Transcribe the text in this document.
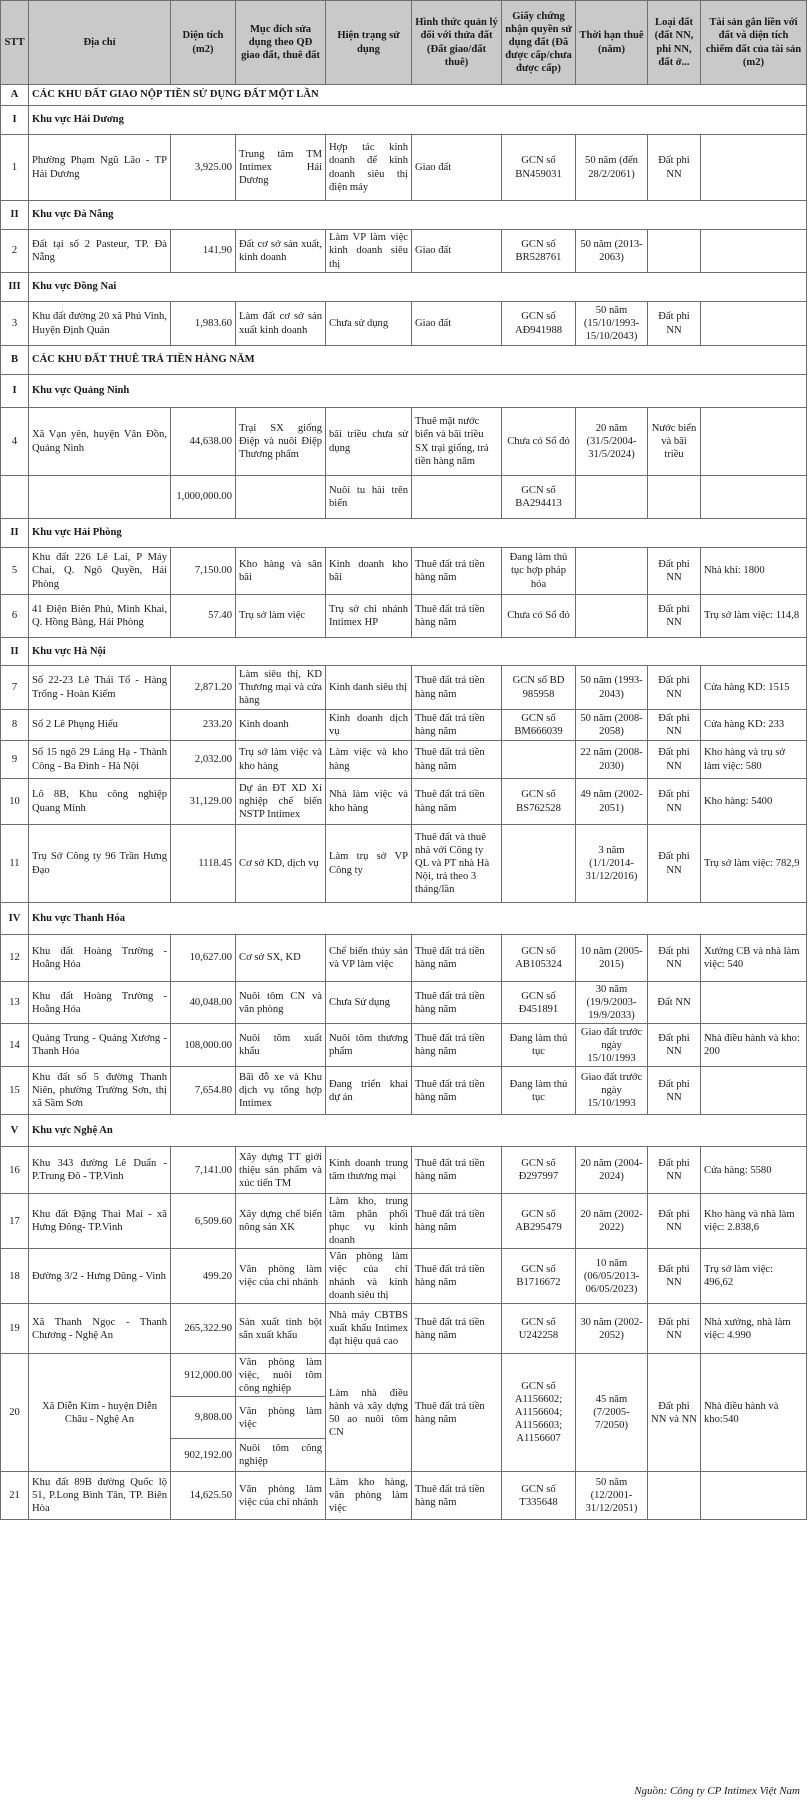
STT	Địa chỉ	Diện tích (m2)	Mục đích sửa dụng theo QĐ giao đất, thuê đất	Hiện trạng sử dụng	Hình thức quản lý đối với thửa đất (Đất giao/đất thuê)	Giấy chứng nhận quyền sử dụng đất (Đã được cấp/chưa được cấp)	Thời hạn thuê (năm)	Loại đất (đất NN, phi NN, đất ở...	Tài sản gắn liền với đất và diện tích chiếm đất của tài sản (m2)
A	CÁC KHU ĐẤT GIAO NỘP TIỀN SỬ DỤNG ĐẤT MỘT LẦN								
I	Khu vực Hải Dương								
1	Phường Phạm Ngũ Lão - TP Hải Dương	3,925.00	Trung tâm TM Intimex Hải Dương	Hợp tác kinh doanh để kinh doanh siêu thị điện máy	Giao đất	GCN số BN459031	50 năm (đến 28/2/2061)	Đất phi NN	
II	Khu vực Đà Nẵng								
2	Đất tại số 2 Pasteur, TP. Đà Nẵng	141.90	Đất cơ sở sản xuất, kinh doanh	Làm VP làm việc kinh doanh siêu thị	Giao đất	GCN số BR528761	50 năm (2013-2063)		
III	Khu vực Đồng Nai								
3	Khu đất đường 20 xã Phú Vinh, Huyện Định Quán	1,983.60	Làm đất cơ sở sản xuất kinh doanh	Chưa sử dụng	Giao đất	GCN số AĐ941988	50 năm (15/10/1993-15/10/2043)	Đất phi NN	
B	CÁC KHU ĐẤT THUÊ TRẢ TIỀN HÀNG NĂM								
I	Khu vực Quảng Ninh								
4	Xã Vạn yên, huyện Vân Đồn, Quảng Ninh	44,638.00	Trại SX giống Điệp và nuôi Điệp Thương phẩm	bãi triều chưa sử dụng	Thuê mặt nước biển và bãi triều SX trại giống, trả tiền hàng năm	Chưa có Sổ đỏ	20 năm (31/5/2004-31/5/2024)	Nước biển và bãi triều	
		1,000,000.00		Nuôi tu hài trên biển		GCN số BA294413			
II	Khu vực Hải Phòng								
5	Khu đất 226 Lê Lai, P Máy Chai, Q. Ngô Quyền, Hải Phòng	7,150.00	Kho hàng và sân bãi	Kinh doanh kho bãi	Thuê đất trả tiền hàng năm	Đang làm thủ tục hợp pháp hóa		Đất phi NN	Nhà khi: 1800
6	41 Điện Biên Phủ, Minh Khai, Q. Hồng Bàng, Hải Phòng	57.40	Trụ sở làm việc	Trụ sở chi nhánh Intimex HP	Thuê đất trả tiền hàng năm	Chưa có Sổ đỏ		Đất phi NN	Trụ sở làm việc: 114,8
II	Khu vực Hà Nội								
7	Số 22-23 Lê Thái Tổ - Hàng Trống - Hoàn Kiếm	2,871.20	Làm siêu thị, KD Thương mại và cửa hàng	Kinh danh siêu thị	Thuê đất trả tiền hàng năm	GCN số BD 985958	50 năm (1993-2043)	Đất phi NN	Cửa hàng KD: 1515
8	Số 2 Lê Phụng Hiểu	233.20	Kinh doanh	Kinh doanh dịch vụ	Thuê đất trả tiền hàng năm	GCN số BM666039	50 năm (2008-2058)	Đất phi NN	Cửa hàng KD: 233
9	Số 15 ngõ 29 Láng Hạ - Thành Công - Ba Đình - Hà Nội	2,032.00	Trụ sở làm việc và kho hàng	Làm việc và kho hàng	Thuê đất trả tiền hàng năm		22 năm (2008-2030)	Đất phi NN	Kho hàng và trụ sở làm việc: 580
10	Lô 8B, Khu công nghiệp Quang Minh	31,129.00	Dự án ĐT XD Xí nghiệp chế biến NSTP Intimex	Nhà làm việc và kho hàng	Thuê đất trả tiền hàng năm	GCN số BS762528	49 năm (2002-2051)	Đất phi NN	Kho hàng: 5400
11	Trụ Sở Công ty 96 Trần Hưng Đạo	1118.45	Cơ sở KD, dịch vụ	Làm trụ sở VP Công ty	Thuê đất và thuê nhà với Công ty QL và PT nhà Hà Nội, trả theo 3 tháng/lần		3 năm (1/1/2014-31/12/2016)	Đất phi NN	Trụ sở làm việc: 782,9
IV	Khu vực Thanh Hóa								
12	Khu đất Hoàng Trường - Hoằng Hóa	10,627.00	Cơ sở SX, KD	Chế biến thủy sản và VP làm việc	Thuê đất trả tiền hàng năm	GCN số AB105324	10 năm (2005-2015)	Đất phi NN	Xưởng CB và nhà làm việc: 540
13	Khu đất Hoàng Trường - Hoằng Hóa	40,048.00	Nuôi tôm CN và văn phòng	Chưa Sử dụng	Thuê đất trả tiền hàng năm	GCN số Đ451891	30 năm (19/9/2003-19/9/2033)	Đất NN	
14	Quảng Trung - Quảng Xương - Thanh Hóa	108,000.00	Nuôi tôm xuất khẩu	Nuôi tôm thương phẩm	Thuê đất trả tiền hàng năm	Đang làm thủ tục	Giao đất trước ngày 15/10/1993	Đất phi NN	Nhà điều hành và kho: 200
15	Khu đất số 5 đường Thanh Niên, phường Trường Sơn, thị xã Sầm Sơn	7,654.80	Bãi đỗ xe và Khu dịch vụ tổng hợp Intimex	Đang triển khai dự án	Thuê đất trả tiền hàng năm	Đang làm thủ tục	Giao đất trước ngày 15/10/1993	Đất phi NN	
V	Khu vực Nghệ An								
16	Khu 343 đường Lê Duẩn - P.Trung Đô - TP.Vinh	7,141.00	Xây dựng TT giới thiệu sản phẩm và xúc tiến TM	Kinh doanh trung tâm thương mại	Thuê đất trả tiền hàng năm	GCN số Đ297997	20 năm (2004-2024)	Đất phi NN	Cửa hàng: 5580
17	Khu đất Đặng Thai Mai - xã Hưng Đông- TP.Vinh	6,509.60	Xây dựng chế biến nông sản XK	Làm kho, trung tâm phân phối phục vụ kinh doanh	Thuê đất trả tiền hàng năm	GCN số AB295479	20 năm (2002-2022)	Đất phi NN	Kho hàng và nhà làm việc: 2.838,6
18	Đường 3/2 - Hưng Dũng - Vinh	499.20	Văn phòng làm việc của chi nhánh	Văn phòng làm việc của chi nhánh và kinh doanh siêu thị	Thuê đất trả tiền hàng năm	GCN số B1716672	10 năm (06/05/2013-06/05/2023)	Đất phi NN	Trụ sở làm việc: 496,62
19	Xã Thanh Ngọc - Thanh Chương - Nghệ An	265,322.90	Sản xuất tinh bột sắn xuất khẩu	Nhà máy CBTBS xuất khẩu Intimex đạt hiệu quả cao	Thuê đất trả tiền hàng năm	GCN số U242258	30 năm (2002-2052)	Đất phi NN	Nhà xưởng, nhà làm việc: 4.990
20	Xã Diễn Kim - huyện Diễn Châu - Nghệ An	912,000.00	Văn phòng làm việc, nuôi tôm công nghiệp	Làm nhà điều hành và xây dựng 50 ao nuôi tôm CN	Thuê đất trả tiền hàng năm	GCN số A1156602; A1156604; A1156603; A1156607	45 năm (7/2005-7/2050)	Đất phi NN và NN	Nhà điều hành và kho:540
		9,808.00	Văn phòng làm việc						
		902,192.00	Nuôi tôm công nghiệp						
21	Khu đất 89B đường Quốc lộ 51, P.Long Bình Tân, TP. Biên Hòa	14,625.50	Văn phòng làm việc của chi nhánh	Làm kho hàng, văn phòng làm việc	Thuê đất trả tiền hàng năm	GCN số T335648	50 năm (12/2001-31/12/2051)		
Nguồn: Công ty CP Intimex Việt Nam
